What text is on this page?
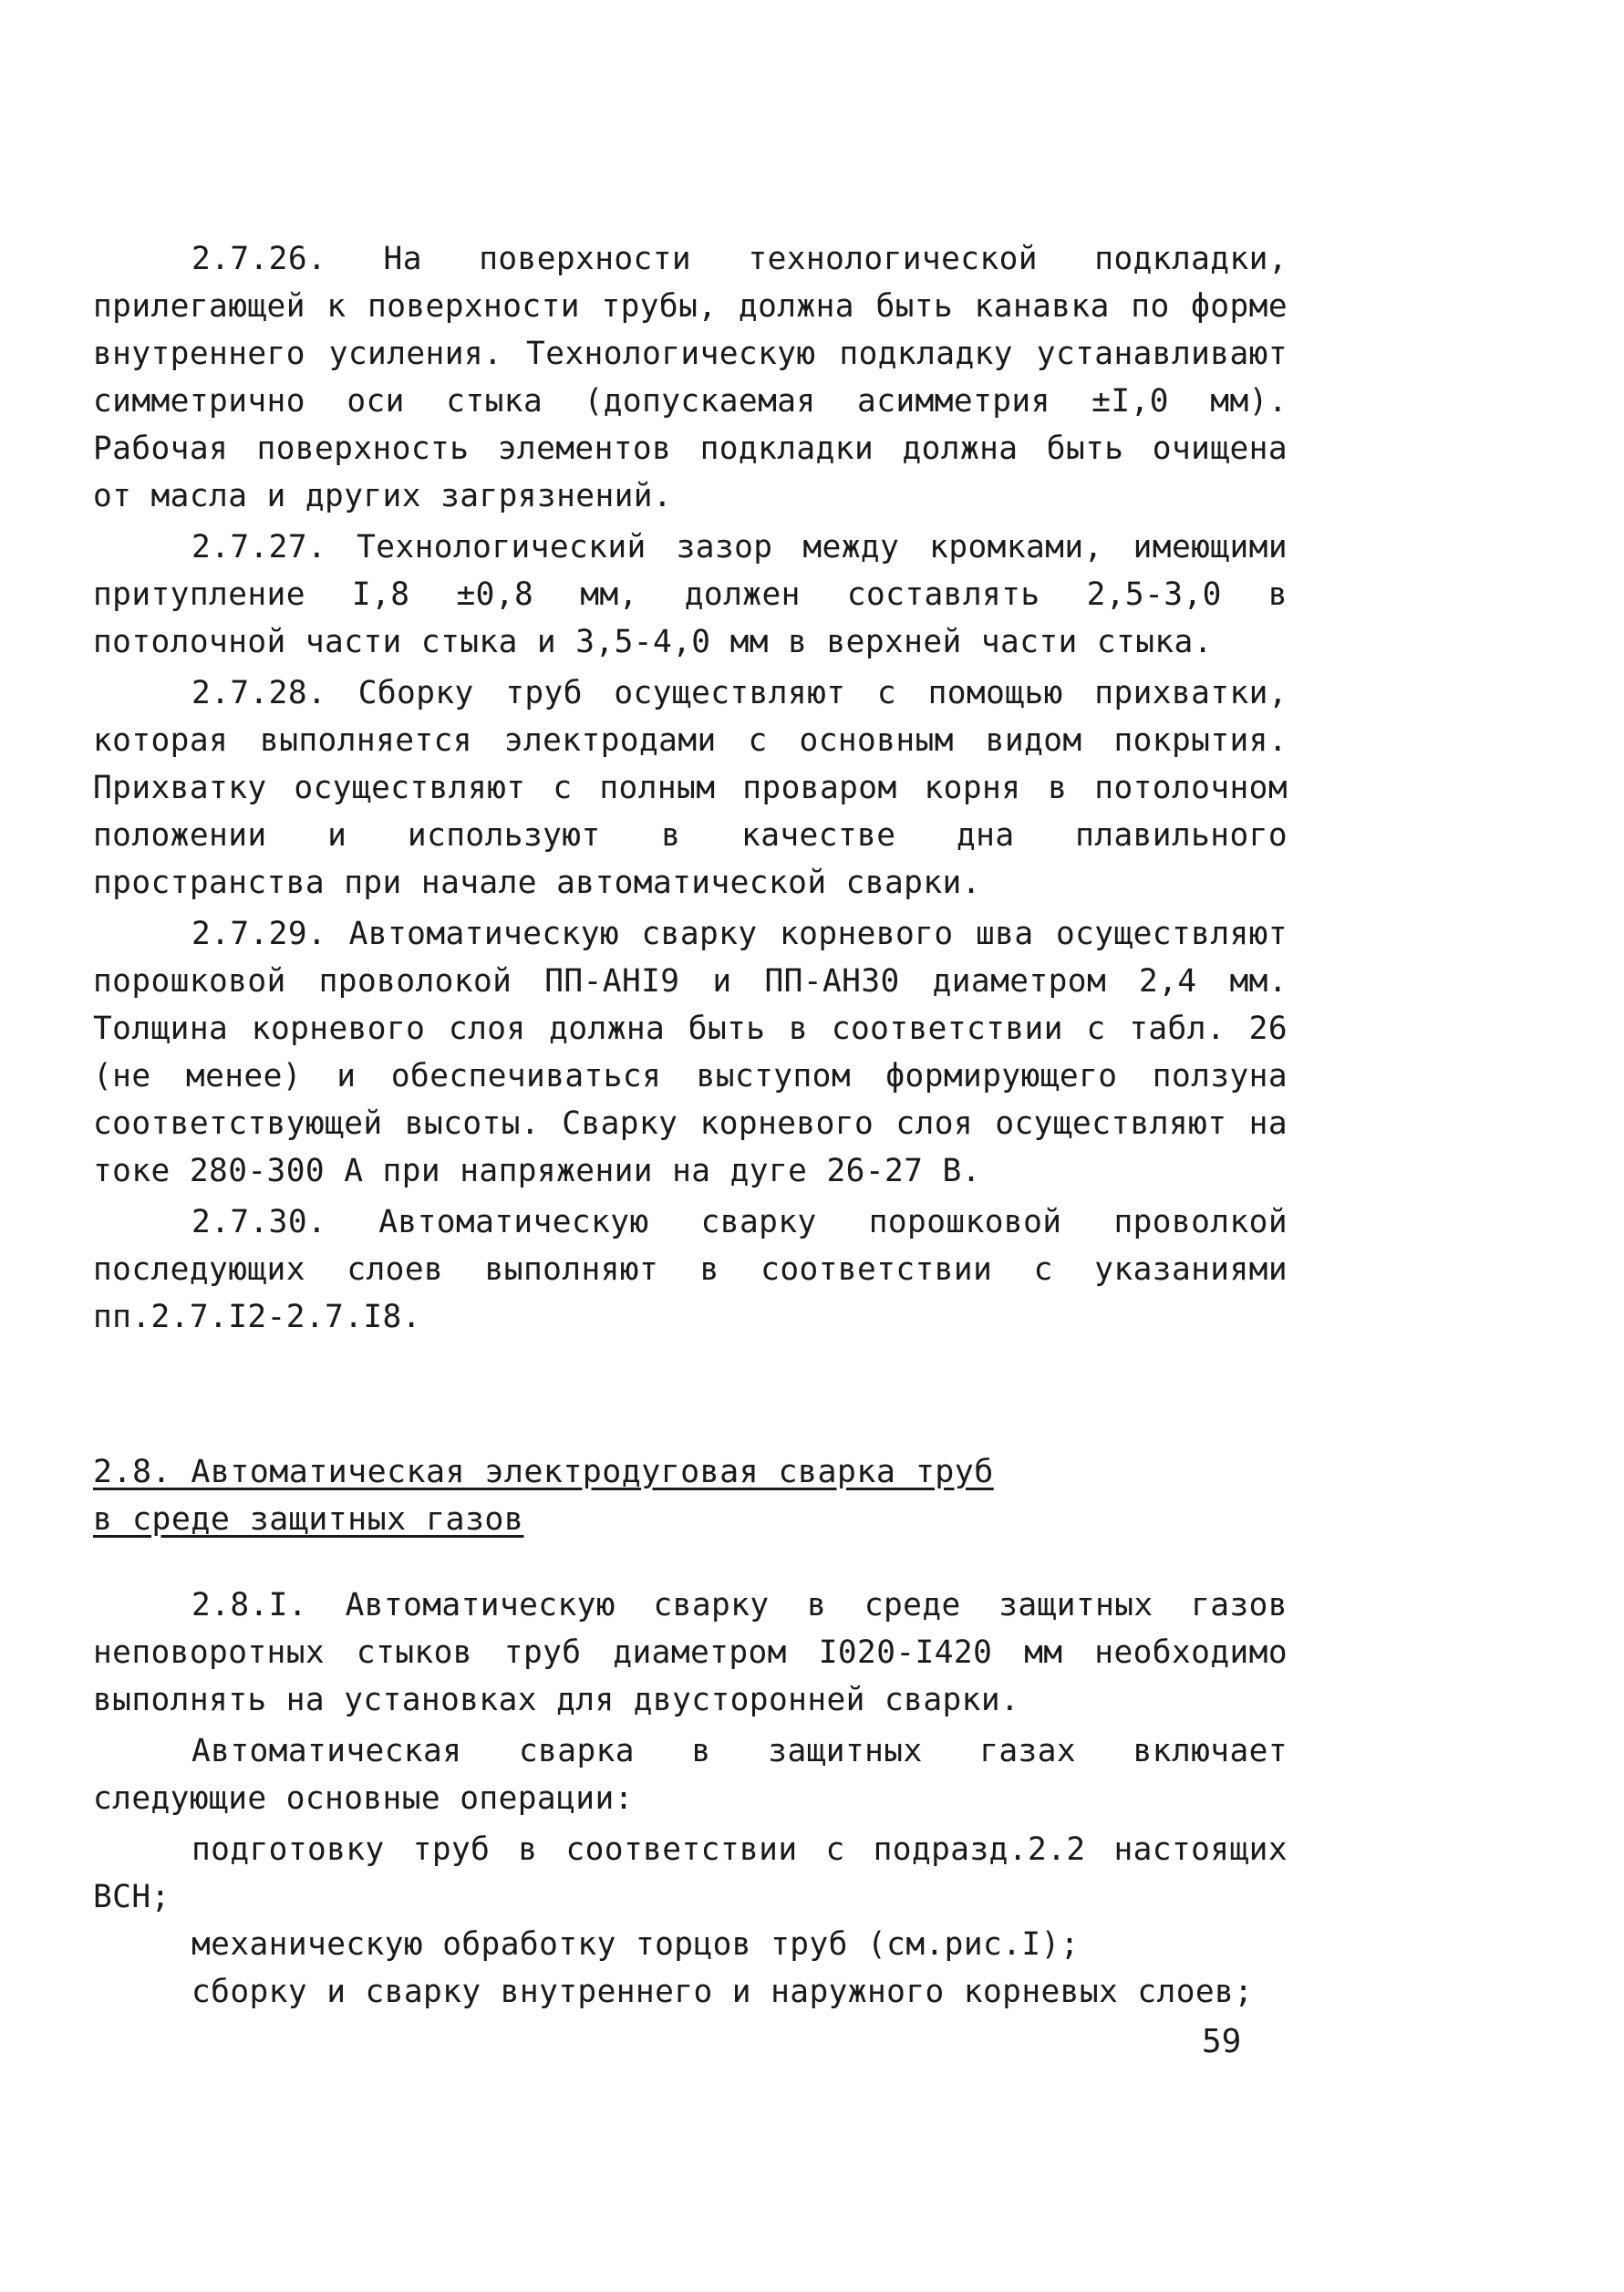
2.7.26. На поверхности технологической подкладки, прилегающей к поверхности трубы, должна быть канавка по форме внутреннего усиления. Технологическую подкладку устанавливают симметрично оси стыка (допускаемая асимметрия ±I,0 мм). Рабочая поверхность элементов подкладки должна быть очищена от масла и других загрязнений.

2.7.27. Технологический зазор между кромками, имеющими притупление I,8 ±0,8 мм, должен составлять 2,5-3,0 в потолочной части стыка и 3,5-4,0 мм в верхней части стыка.

2.7.28. Сборку труб осуществляют с помощью прихватки, которая выполняется электродами с основным видом покрытия. Прихватку осуществляют с полным проваром корня в потолочном положении и используют в качестве дна плавильного пространства при начале автоматической сварки.

2.7.29. Автоматическую сварку корневого шва осуществляют порошковой проволокой ПП-АНI9 и ПП-АН30 диаметром 2,4 мм. Толщина корневого слоя должна быть в соответствии с табл. 26 (не менее) и обеспечиваться выступом формирующего ползуна соответствующей высоты. Сварку корневого слоя осуществляют на токе 280-300 А при напряжении на дуге 26-27 В.

2.7.30. Автоматическую сварку порошковой проволкой последующих слоев выполняют в соответствии с указаниями пп.2.7.I2-2.7.I8.

2.8. Автоматическая электродуговая сварка труб

в среде защитных газов

2.8.I. Автоматическую сварку в среде защитных газов неповоротных стыков труб диаметром I020-I420 мм необходимо выполнять на установках для двусторонней сварки.

Автоматическая сварка в защитных газах включает следующие основные операции:

подготовку труб в соответствии с подразд.2.2 настоящих ВСН;

механическую обработку торцов труб (см.рис.I);

сборку и сварку внутреннего и наружного корневых слоев;

59
